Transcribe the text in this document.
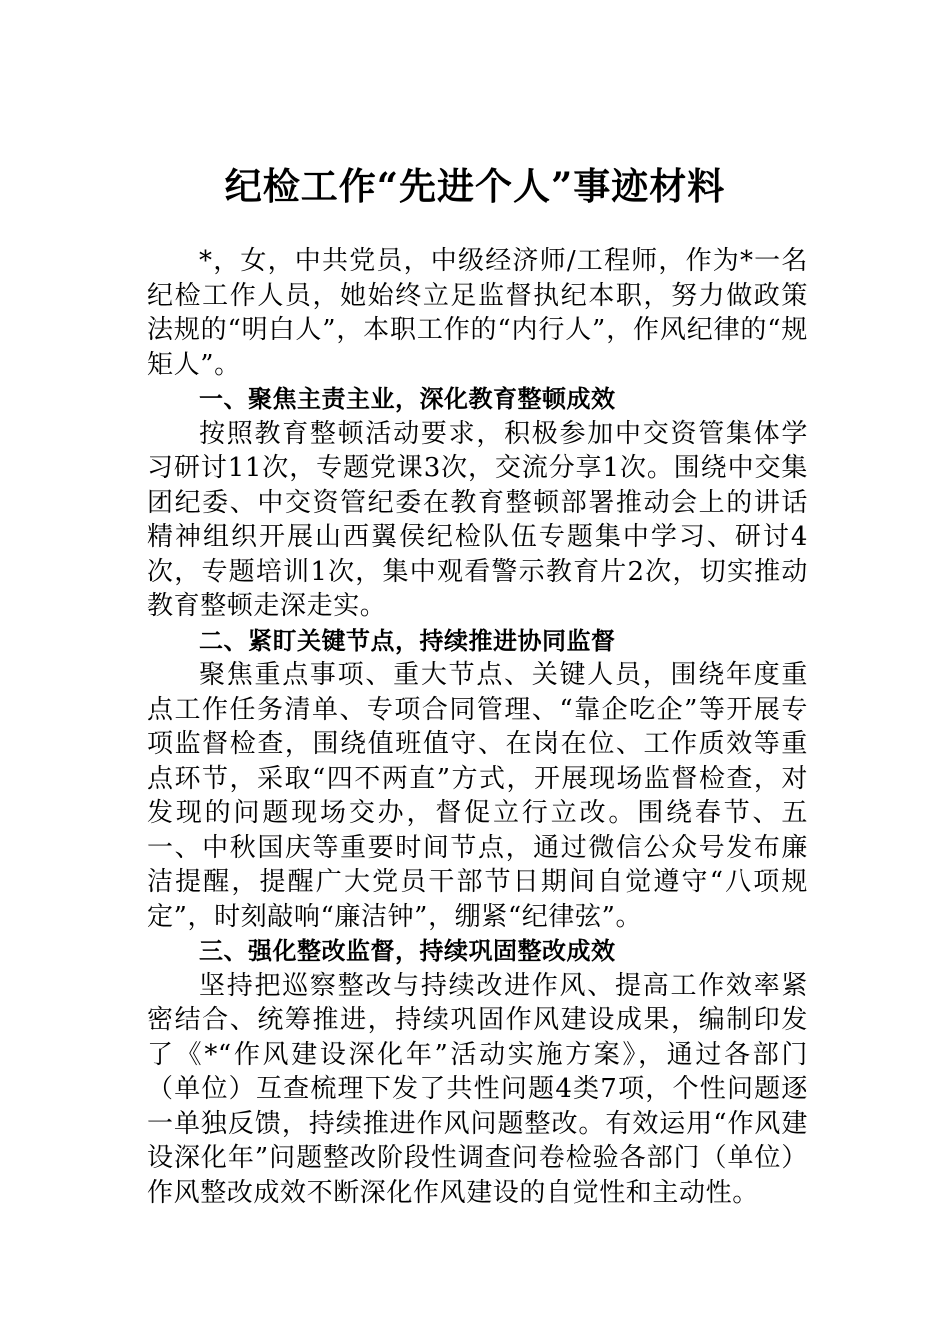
纪检工作“先进个人”事迹材料

*，女，中共党员，中级经济师/工程师，作为*一名纪检工作人员，她始终立足监督执纪本职，努力做政策法规的“明白人”，本职工作的“内行人”，作风纪律的“规矩人”。

一、聚焦主责主业，深化教育整顿成效

按照教育整顿活动要求，积极参加中交资管集体学习研讨11次，专题党课3次，交流分享1次。围绕中交集团纪委、中交资管纪委在教育整顿部署推动会上的讲话精神组织开展山西翼侯纪检队伍专题集中学习、研讨4次，专题培训1次，集中观看警示教育片2次，切实推动教育整顿走深走实。

二、紧盯关键节点，持续推进协同监督

聚焦重点事项、重大节点、关键人员，围绕年度重点工作任务清单、专项合同管理、“靠企吃企”等开展专项监督检查，围绕值班值守、在岗在位、工作质效等重点环节，采取“四不两直”方式，开展现场监督检查，对发现的问题现场交办，督促立行立改。围绕春节、五一、中秋国庆等重要时间节点，通过微信公众号发布廉洁提醒，提醒广大党员干部节日期间自觉遵守“八项规定”，时刻敲响“廉洁钟”，绷紧“纪律弦”。

三、强化整改监督，持续巩固整改成效

坚持把巡察整改与持续改进作风、提高工作效率紧密结合、统筹推进，持续巩固作风建设成果，编制印发了《*“作风建设深化年”活动实施方案》，通过各部门（单位）互查梳理下发了共性问题4类7项，个性问题逐一单独反馈，持续推进作风问题整改。有效运用“作风建设深化年”问题整改阶段性调查问卷检验各部门（单位）作风整改成效不断深化作风建设的自觉性和主动性。
